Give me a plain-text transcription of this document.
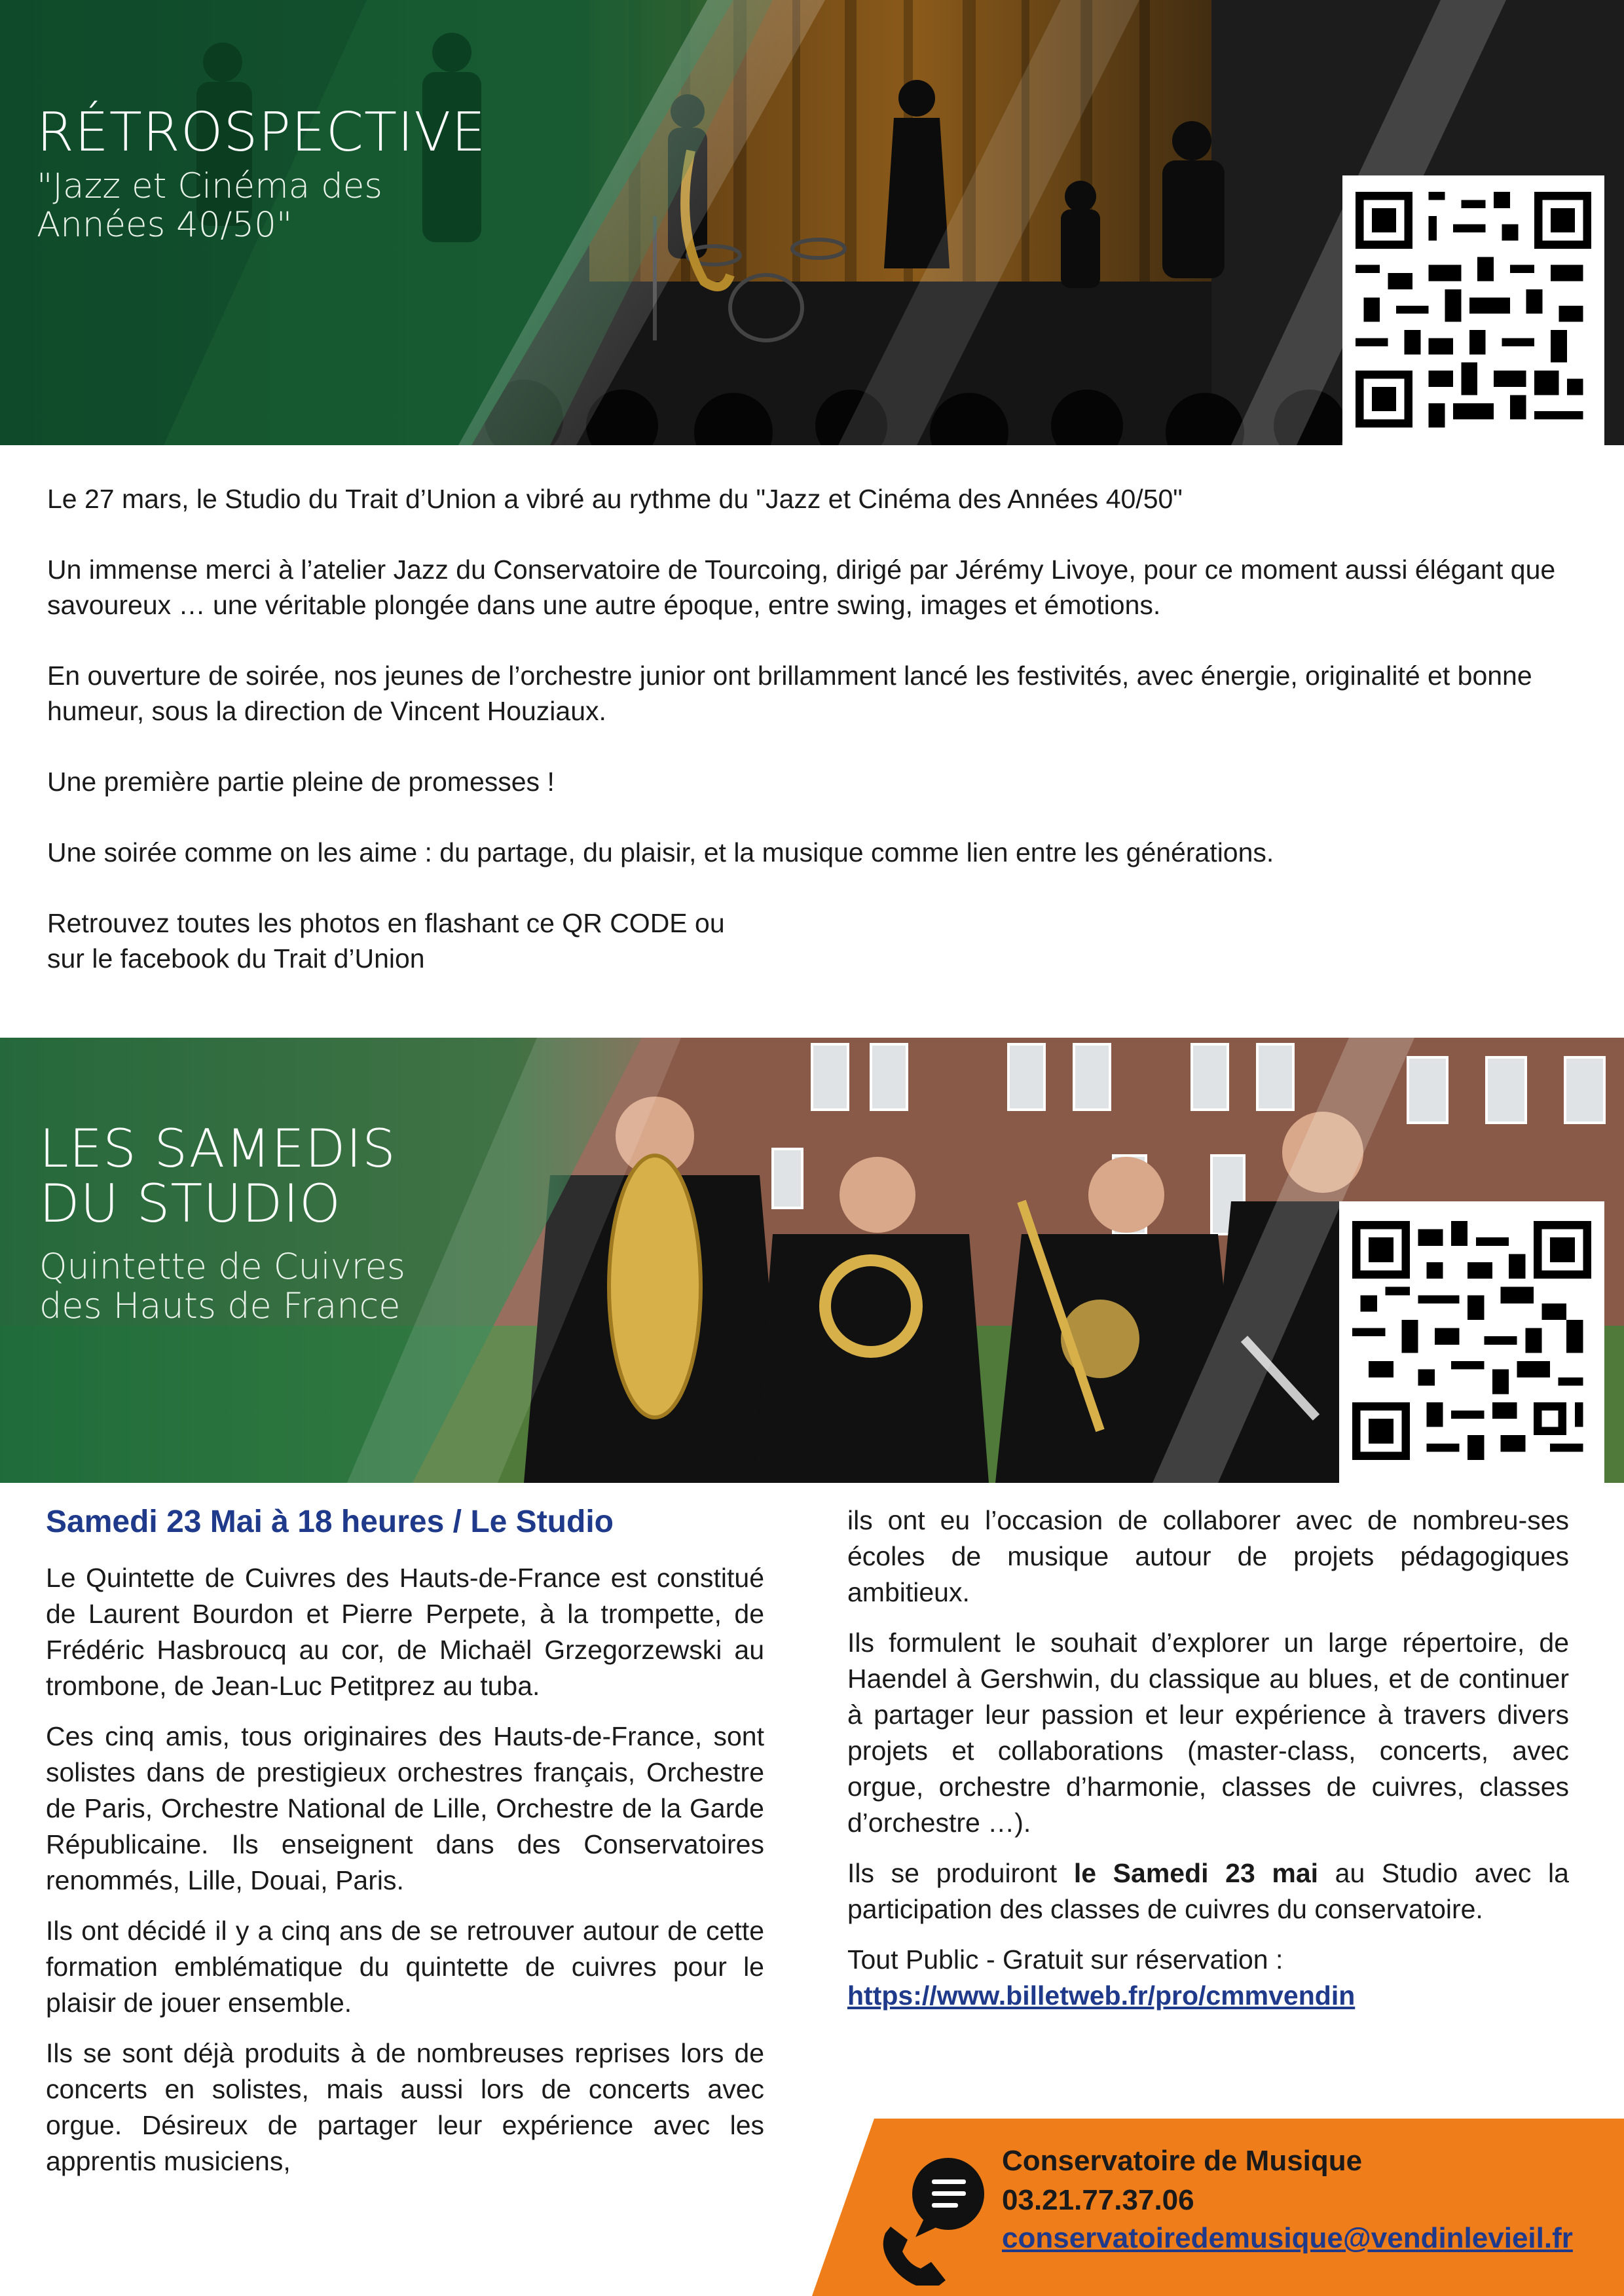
RÉTROSPECTIVE
"Jazz et Cinéma des
Années 40/50"

Le 27 mars, le Studio du Trait d’Union a vibré au rythme du "Jazz et Cinéma des Années 40/50"

Un immense merci à l’atelier Jazz du Conservatoire de Tourcoing, dirigé par Jérémy Livoye, pour ce moment aussi élégant que savoureux … une véritable plongée dans une autre époque, entre swing, images et émotions.

En ouverture de soirée, nos jeunes de l’orchestre junior ont brillamment lancé les festivités, avec énergie, originalité et bonne humeur, sous la direction de Vincent Houziaux.

Une première partie pleine de promesses !

Une soirée comme on les aime : du partage, du plaisir, et la musique comme lien entre les générations.

Retrouvez toutes les photos en flashant ce QR CODE ou
sur le facebook du Trait d’Union

LES SAMEDIS
DU STUDIO
Quintette de Cuivres
des Hauts de France
Samedi 23 Mai à 18 heures / Le Studio

Le Quintette de Cuivres des Hauts-de-France est constitué de Laurent Bourdon et Pierre Perpete, à la trompette, de Frédéric Hasbroucq au cor, de Michaël Grzegorzewski au trombone, de Jean-Luc Petitprez au tuba.

Ces cinq amis, tous originaires des Hauts-de-France, sont solistes dans de prestigieux orchestres français, Orchestre de Paris, Orchestre National de Lille, Orchestre de la Garde Républicaine. Ils enseignent dans des Conservatoires renommés, Lille, Douai, Paris.

Ils ont décidé il y a cinq ans de se retrouver autour de cette formation emblématique du quintette de cuivres pour le plaisir de jouer ensemble.

Ils se sont déjà produits à de nombreuses reprises lors de concerts en solistes, mais aussi lors de concerts avec orgue. Désireux de partager leur expérience avec les apprentis musiciens,

ils ont eu l’occasion de collaborer avec de nombreu-ses écoles de musique autour de projets pédagogiques ambitieux.

Ils formulent le souhait d’explorer un large répertoire, de Haendel à Gershwin, du classique au blues, et de continuer à partager leur passion et leur expérience à travers divers projets et collaborations (master-class, concerts, avec orgue, orchestre d’harmonie, classes de cuivres, classes d’orchestre …).

Ils se produiront le Samedi 23 mai au Studio avec la participation des classes de cuivres du conservatoire.

Tout Public - Gratuit sur réservation :
https://www.billetweb.fr/pro/cmmvendin

Conservatoire de Musique
03.21.77.37.06
conservatoiredemusique@vendinlevieil.fr
